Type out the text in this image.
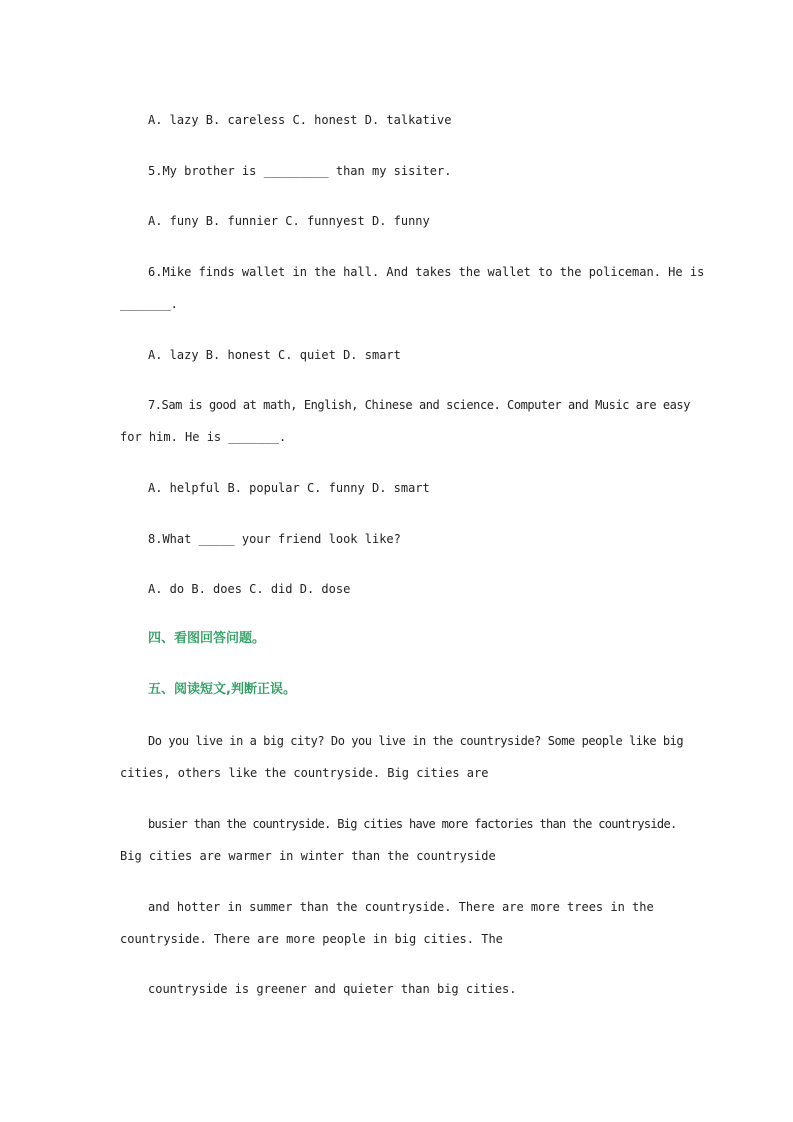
A. lazy B. careless C. honest D. talkative
5.My brother is _________ than my sisiter.
A. funy B. funnier C. funnyest D. funny
6.Mike finds wallet in the hall. And takes the wallet to the policeman. He is
_______.
A. lazy B. honest C. quiet D. smart
7.Sam is good at math, English, Chinese and science. Computer and Music are easy
for him. He is _______.
A. helpful B. popular C. funny D. smart
8.What _____ your friend look like?
A. do B. does C. did D. dose
四、看图回答问题。
五、阅读短文,判断正误。
Do you live in a big city? Do you live in the countryside? Some people like big
cities, others like the countryside. Big cities are
busier than the countryside. Big cities have more factories than the countryside.
Big cities are warmer in winter than the countryside
and hotter in summer than the countryside. There are more trees in the
countryside. There are more people in big cities. The
countryside is greener and quieter than big cities.
